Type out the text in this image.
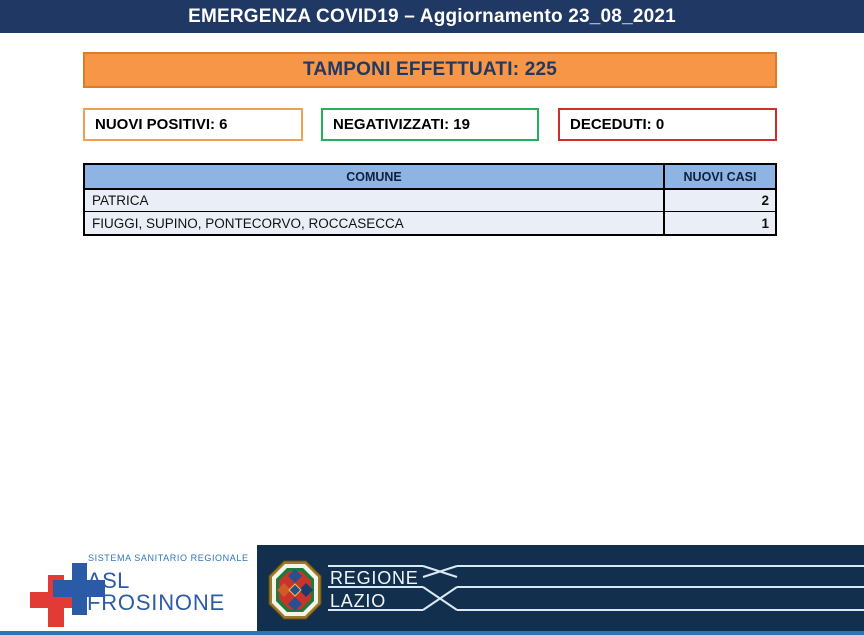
EMERGENZA COVID19 – Aggiornamento 23_08_2021
TAMPONI EFFETTUATI: 225
NUOVI POSITIVI: 6	NEGATIVIZZATI: 19	DECEDUTI: 0
COMUNE	NUOVI CASI
PATRICA	2
FIUGGI, SUPINO, PONTECORVO, ROCCASECCA	1
SISTEMA SANITARIO REGIONALE
ASL
FROSINONE
REGIONE
LAZIO
